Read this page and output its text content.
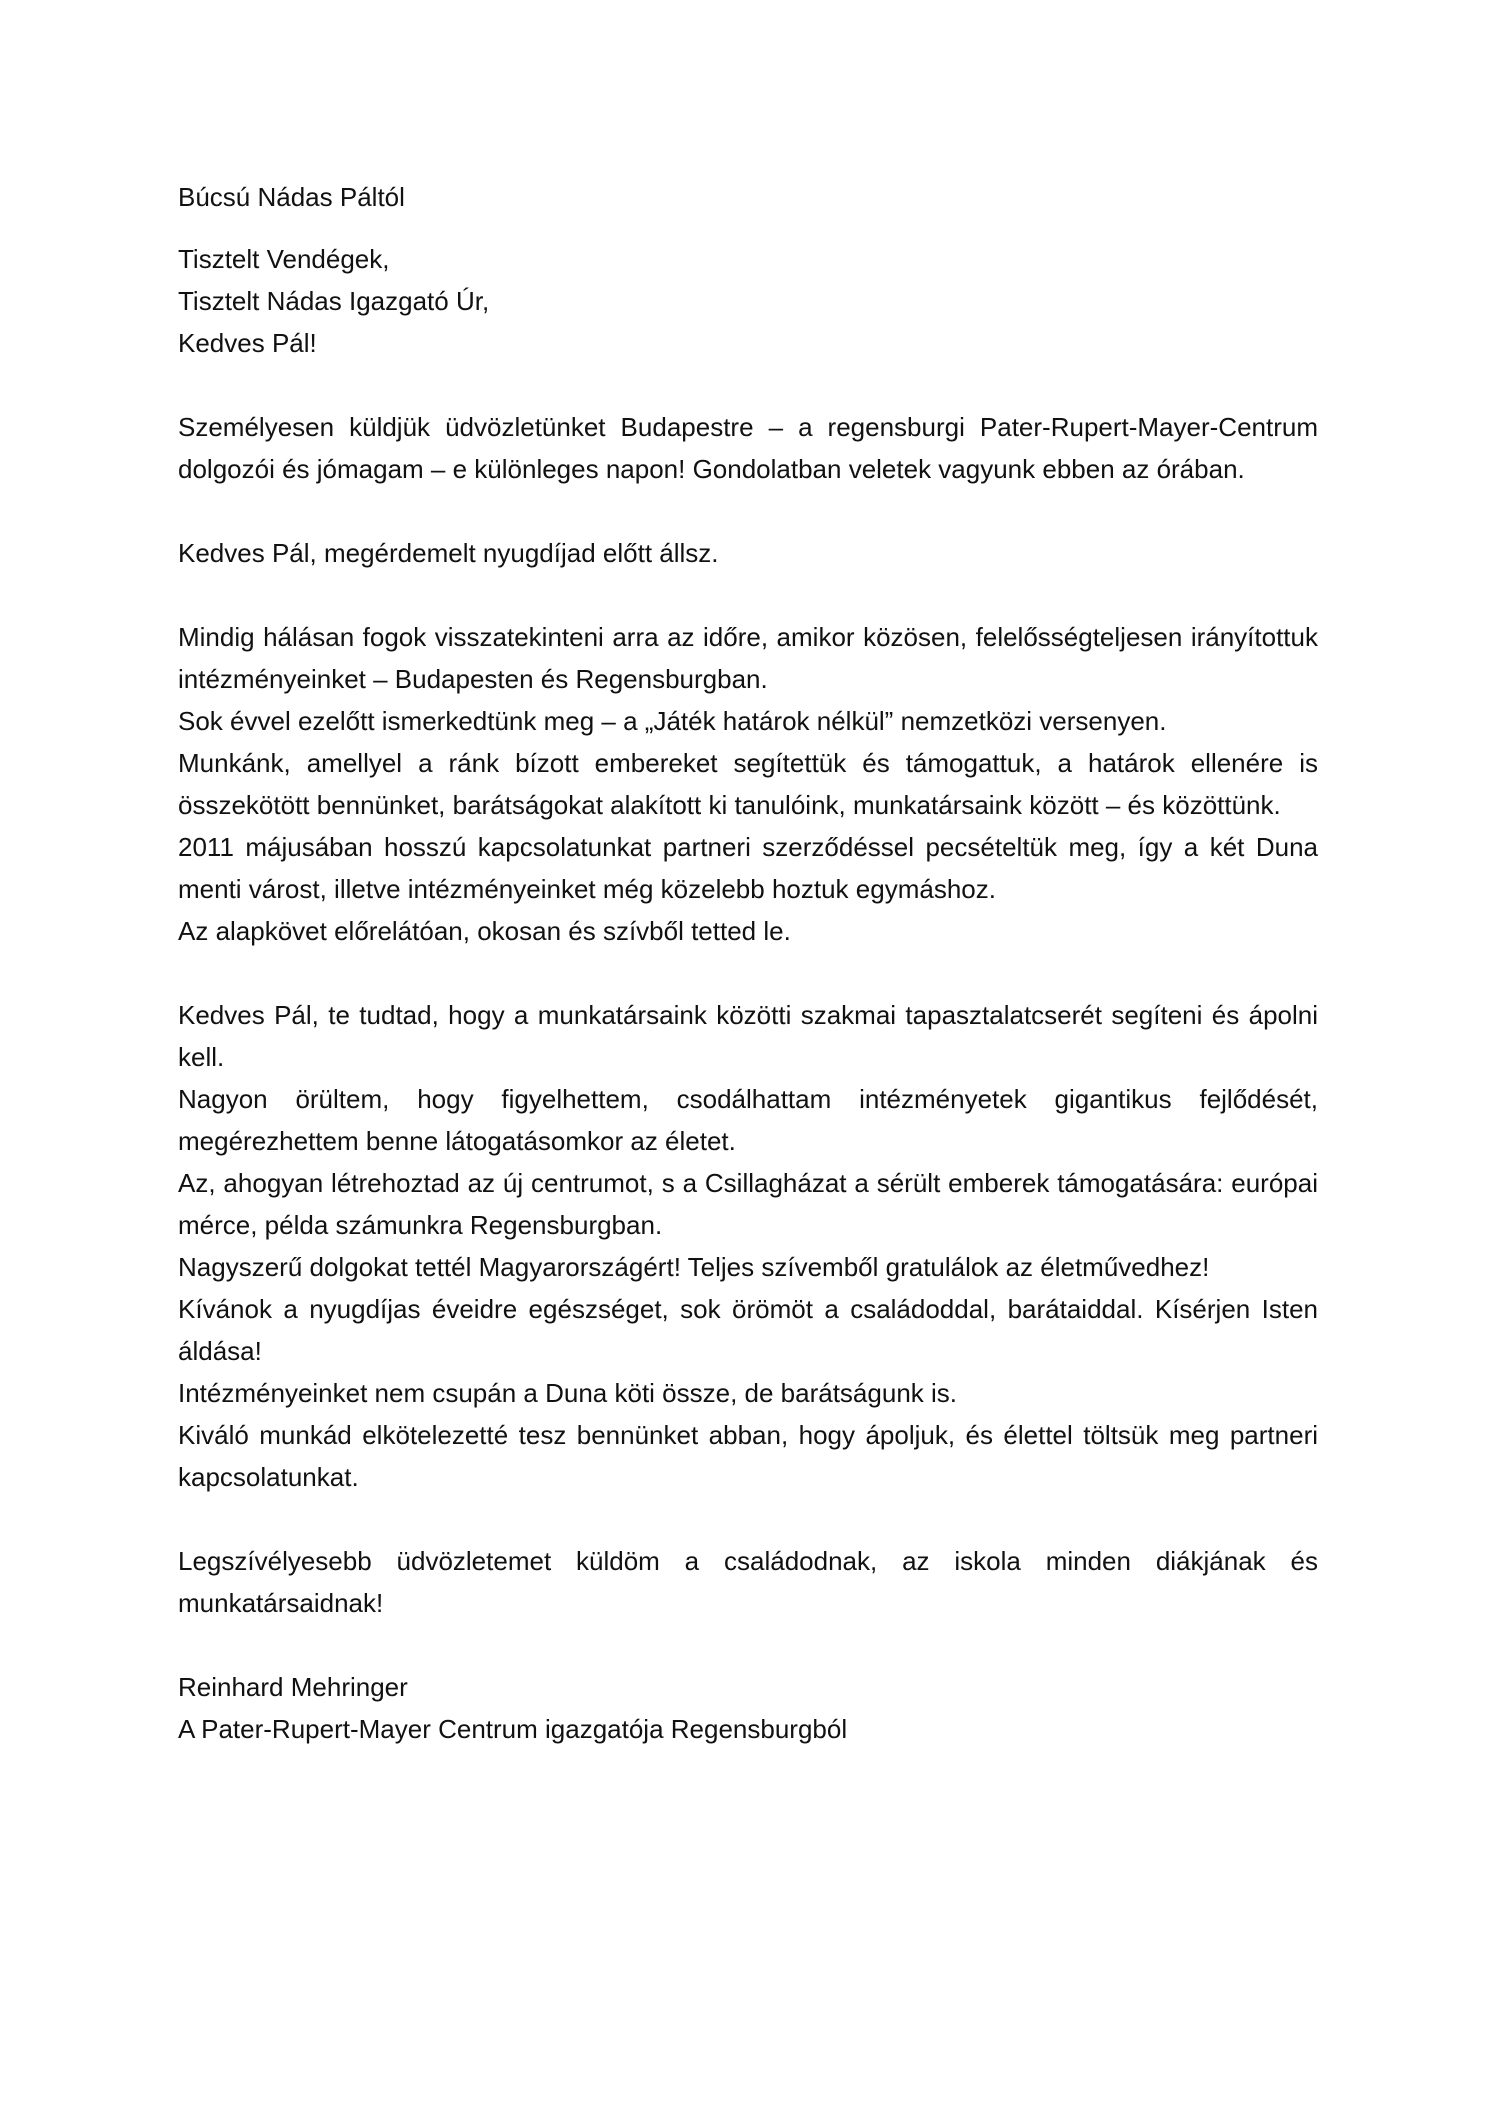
Búcsú Nádas Páltól

Tisztelt Vendégek,

Tisztelt Nádas Igazgató Úr,

Kedves Pál!

Személyesen küldjük üdvözletünket Budapestre – a regensburgi Pater-Rupert-Mayer-Centrum dolgozói és jómagam – e különleges napon! Gondolatban veletek vagyunk ebben az órában.

Kedves Pál, megérdemelt nyugdíjad előtt állsz.

Mindig hálásan fogok visszatekinteni arra az időre, amikor közösen, felelősségteljesen irányítottuk intézményeinket – Budapesten és Regensburgban.

Sok évvel ezelőtt ismerkedtünk meg – a „Játék határok nélkül” nemzetközi versenyen.

Munkánk, amellyel a ránk bízott embereket segítettük és támogattuk, a határok ellenére is összekötött bennünket, barátságokat alakított ki tanulóink, munkatársaink között – és közöttünk.

2011 májusában hosszú kapcsolatunkat partneri szerződéssel pecsételtük meg, így a két Duna menti várost, illetve intézményeinket még közelebb hoztuk egymáshoz.

Az alapkövet előrelátóan, okosan és szívből tetted le.

Kedves Pál, te tudtad, hogy a munkatársaink közötti szakmai tapasztalatcserét segíteni és ápolni kell.

Nagyon örültem, hogy figyelhettem, csodálhattam intézményetek gigantikus fejlődését, megérezhettem benne látogatásomkor az életet.

Az, ahogyan létrehoztad az új centrumot, s a Csillagházat a sérült emberek támogatására: európai mérce, példa számunkra Regensburgban.

Nagyszerű dolgokat tettél Magyarországért! Teljes szívemből gratulálok az életművedhez!

Kívánok a nyugdíjas éveidre egészséget, sok örömöt a családoddal, barátaiddal. Kísérjen Isten áldása!

Intézményeinket nem csupán a Duna köti össze, de barátságunk is.

Kiváló munkád elkötelezetté tesz bennünket abban, hogy ápoljuk, és élettel töltsük meg partneri kapcsolatunkat.

Legszívélyesebb üdvözletemet küldöm a családodnak, az iskola minden diákjának és munkatársaidnak!

Reinhard Mehringer

A Pater-Rupert-Mayer Centrum igazgatója Regensburgból
